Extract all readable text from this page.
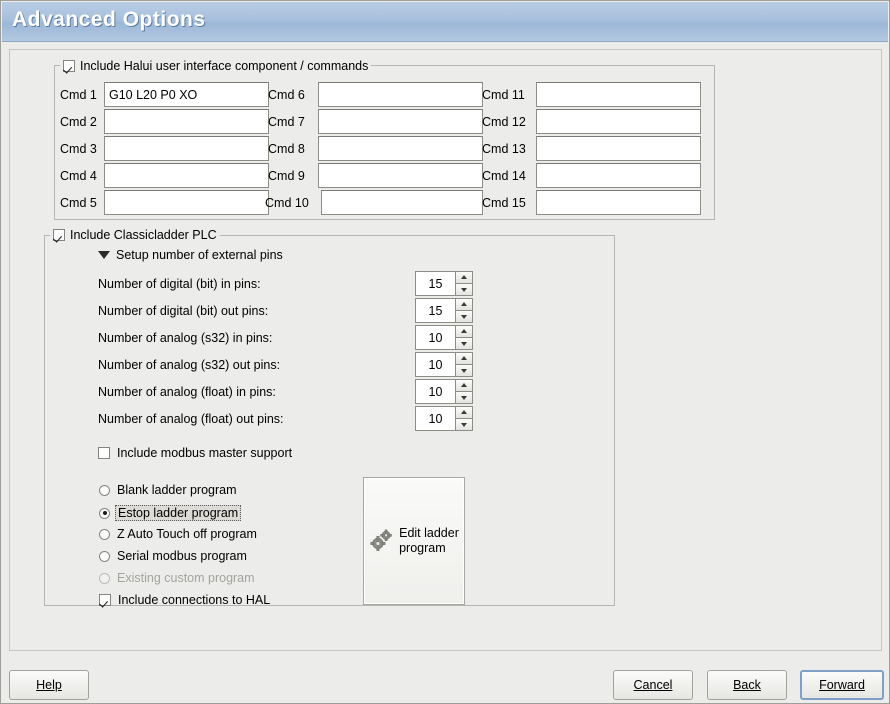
Advanced Options
Include Halui user interface component / commands
Cmd 1 G10 L20 P0 XO
Cmd 2
Cmd 3
Cmd 4
Cmd 5
Cmd 6
Cmd 7
Cmd 8
Cmd 9
Cmd 10
Cmd 11
Cmd 12
Cmd 13
Cmd 14
Cmd 15
Include Classicladder PLC
Setup number of external pins
Number of digital (bit) in pins:	15
Number of digital (bit) out pins:	15
Number of analog (s32) in pins:	10
Number of analog (s32) out pins:	10
Number of analog (float) in pins:	10
Number of analog (float) out pins:	10
Include modbus master support
Blank ladder program
Estop ladder program
Z Auto Touch off program
Serial modbus program
Existing custom program
Include connections to HAL
Edit ladder
program
Help	Cancel	Back	Forward
